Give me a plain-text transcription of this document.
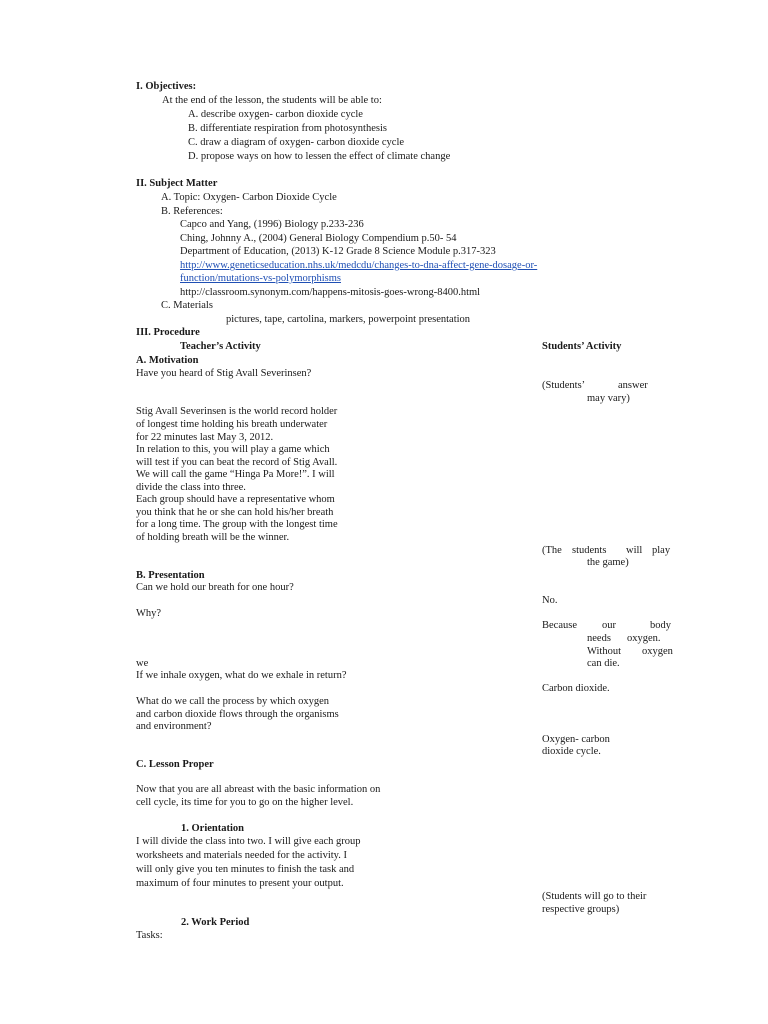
I. Objectives:
At the end of the lesson, the students will be able to:
A. describe oxygen- carbon dioxide cycle
B. differentiate respiration from photosynthesis
C. draw a diagram of oxygen- carbon dioxide cycle
D. propose ways on how to lessen the effect of climate change
II. Subject Matter
A. Topic: Oxygen- Carbon Dioxide Cycle
B. References:
Capco and Yang, (1996) Biology p.233-236
Ching, Johnny A., (2004) General Biology Compendium p.50- 54
Department of Education, (2013) K-12 Grade 8 Science Module p.317-323
http://www.geneticseducation.nhs.uk/medcdu/changes-to-dna-affect-gene-dosage-or-
function/mutations-vs-polymorphisms
http://classroom.synonym.com/happens-mitosis-goes-wrong-8400.html
C. Materials
pictures, tape, cartolina, markers, powerpoint presentation
III. Procedure
Teacher’s Activity	Students’ Activity
A. Motivation
Have you heard of Stig Avall Severinsen?
(Students’	answer
may vary)
Stig Avall Severinsen is the world record holder
of longest time holding his breath underwater
for 22 minutes last May 3, 2012.
In relation to this, you will play a game which
will test if you can beat the record of Stig Avall.
We will call the game “Hinga Pa More!”. I will
divide the class into three.
Each group should have a representative whom
you think that he or she can hold his/her breath
for a long time. The group with the longest time
of holding breath will be the winner.
(The students will play
the game)
B. Presentation
Can we hold our breath for one hour?
No.
Why?
Because our	body
needs oxygen.
Without oxygen
can die.
we
If we inhale oxygen, what do we exhale in return?
Carbon dioxide.
What do we call the process by which oxygen
and carbon dioxide flows through the organisms
and environment?
Oxygen- carbon
dioxide cycle.
C. Lesson Proper
Now that you are all abreast with the basic information on
cell cycle, its time for you to go on the higher level.
1. Orientation
I will divide the class into two. I will give each group
worksheets and materials needed for the activity. I
will only give you ten minutes to finish the task and
maximum of four minutes to present your output.
(Students will go to their
respective groups)
2. Work Period
Tasks:
